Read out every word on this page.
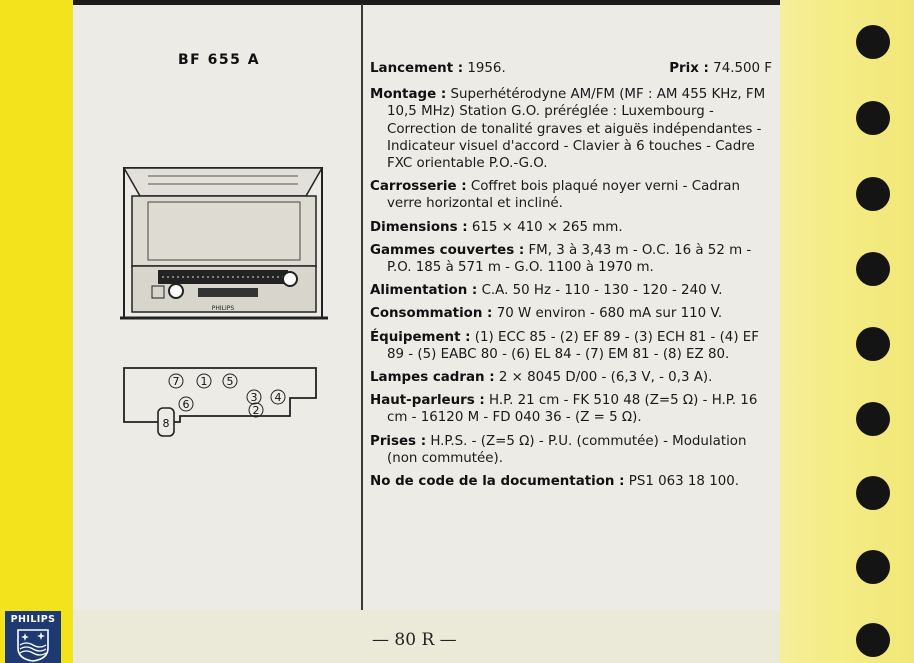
BF 655 A
Lancement : 1956.	Prix : 74.500 F
Montage : Superhétérodyne AM/FM (MF : AM 455 KHz, FM 10,5 MHz) Station G.O. préréglée : Luxembourg - Correction de tonalité graves et aiguës indépendantes - Indicateur visuel d'accord - Clavier à 6 touches - Cadre FXC orientable P.O.-G.O.
Carrosserie : Coffret bois plaqué noyer verni - Cadran verre horizontal et incliné.
Dimensions : 615 × 410 × 265 mm.
Gammes couvertes : FM, 3 à 3,43 m - O.C. 16 à 52 m - P.O. 185 à 571 m - G.O. 1100 à 1970 m.
Alimentation : C.A. 50 Hz - 110 - 130 - 120 - 240 V.
Consommation : 70 W environ - 680 mA sur 110 V.
Équipement : (1) ECC 85 - (2) EF 89 - (3) ECH 81 - (4) EF 89 - (5) EABC 80 - (6) EL 84 - (7) EM 81 - (8) EZ 80.
Lampes cadran : 2 × 8045 D/00 - (6,3 V, - 0,3 A).
Haut-parleurs : H.P. 21 cm - FK 510 48 (Z=5 Ω) - H.P. 16 cm - 16120 M - FD 040 36 - (Z = 5 Ω).
Prises : H.P.S. - (Z=5 Ω) - P.U. (commutée) - Modulation (non commutée).
No de code de la documentation : PS1 063 18 100.
PHILIPS
2
3 4
5
6
7 1
8
— 80 R —
PHILIPS
